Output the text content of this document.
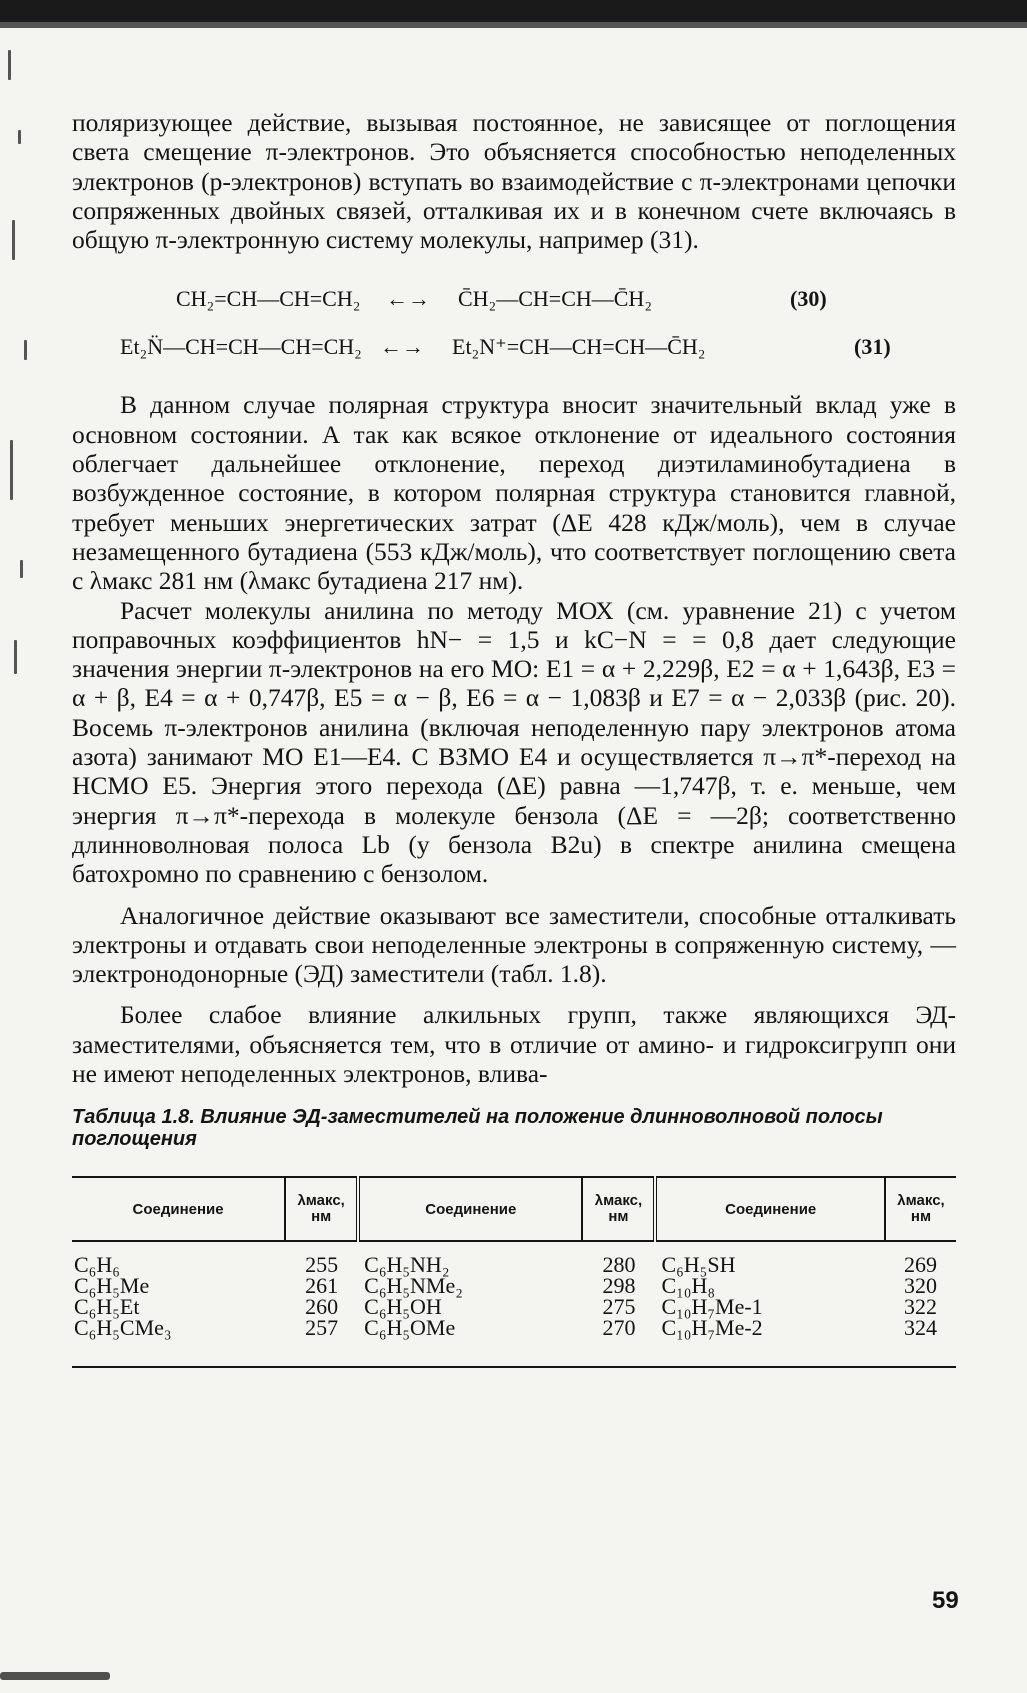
поляризующее действие, вызывая постоянное, не зависящее от поглощения света смещение π-электронов. Это объясняется способностью неподеленных электронов (p-электронов) вступать во взаимодействие с π-электронами цепочки сопряженных двойных связей, отталкивая их и в конечном счете включаясь в общую π-электронную систему молекулы, например (31).

CH₂=CH—CH=CH₂ ←→ C̄H₂—CH=CH—C̄H₂	(30)
Et₂N̈—CH=CH—CH=CH₂ ←→ Et₂N⁺=CH—CH=CH—C̄H₂	(31)

В данном случае полярная структура вносит значительный вклад уже в основном состоянии. А так как всякое отклонение от идеального состояния облегчает дальнейшее отклонение, переход диэтиламинобутадиена в возбужденное состояние, в котором полярная структура становится главной, требует меньших энергетических затрат (ΔE 428 кДж/моль), чем в случае незамещенного бутадиена (553 кДж/моль), что соответствует поглощению света с λмакс 281 нм (λмакс бутадиена 217 нм).

Расчет молекулы анилина по методу МОХ (см. уравнение 21) с учетом поправочных коэффициентов hN− = 1,5 и kC−N = = 0,8 дает следующие значения энергии π-электронов на его МО: E1 = α + 2,229β, E2 = α + 1,643β, E3 = α + β, E4 = α + 0,747β, E5 = α − β, E6 = α − 1,083β и E7 = α − 2,033β (рис. 20). Восемь π-электронов анилина (включая неподеленную пару электронов атома азота) занимают МО E1—E4. С ВЗМО E4 и осуществляется π→π*-переход на НСМО E5. Энергия этого перехода (ΔE) равна —1,747β, т. е. меньше, чем энергия π→π*-перехода в молекуле бензола (ΔE = —2β; соответственно длинноволновая полоса Lb (у бензола B2u) в спектре анилина смещена батохромно по сравнению с бензолом.

Аналогичное действие оказывают все заместители, способные отталкивать электроны и отдавать свои неподеленные электроны в сопряженную систему, — электронодонорные (ЭД) заместители (табл. 1.8).

Более слабое влияние алкильных групп, также являющихся ЭД-заместителями, объясняется тем, что в отличие от амино- и гидроксигрупп они не имеют неподеленных электронов, влива-

Таблица 1.8. Влияние ЭД-заместителей на положение длинноволновой полосы поглощения
Соединение	λмакс, нм	Соединение	λмакс, нм	Соединение	λмакс, нм
C₆H₆	255	C₆H₅NH₂	280	C₆H₅SH	269
C₆H₅Me	261	C₆H₅NMe₂	298	C₁₀H₈	320
C₆H₅Et	260	C₆H₅OH	275	C₁₀H₇Me-1	322
C₆H₅CMe₃	257	C₆H₅OMe	270	C₁₀H₇Me-2	324
59
